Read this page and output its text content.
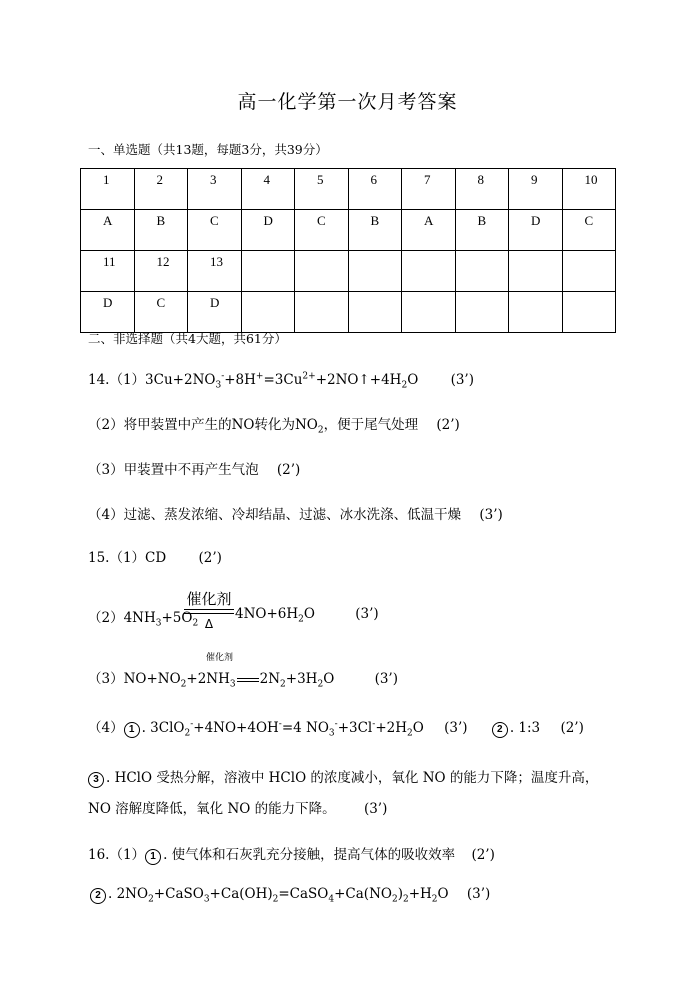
高一化学第一次月考答案
一、单选题（共13题，每题3分，共39分）
1	2	3	4	5	6	7	8	9	10
A	B	C	D	C	B	A	B	D	C
11	12	13							
D	C	D							
二、非选择题（共4大题，共61分）
$14.(1)3Cu+2NO_3^-+8H^+=3Cu^{2+}+2NO↑+4H_2O$ (3’)
（2）将甲装置中产生的NO转化为$NO_2$，便于尾气处理 (2’)
（3）甲装置中不再产生气泡 (2’)
（4）过滤、蒸发浓缩、冷却结晶、过滤、冰水洗涤、低温干燥 (3’)
15.（1）CD (2’)
$(2)4NH_3+5O_2$
催化剂
Δ
$4NO+6H_2O$	(3’)
催化剂
$(3)NO+NO_2+2NH_3$ $2N_2+3H_2O$	(3’)
（4） 1 . 3ClO$_2$-+4NO+4OH-=4 $NO_3^-+3Cl^-+2H_2O$ (3’)	2 . 1:3 (2’)
3 . HClO 受热分解，溶液中 HClO 的浓度减小，氧化 NO 的能力下降；温度升高，
NO 溶解度降低，氧化 NO 的能力下降。 (3’)
16.（1） 1 . 使气体和石灰乳充分接触，提高气体的吸收效率 (2’)
2 . $2NO_2+CaSO_3+Ca(OH)_2=CaSO_4+Ca(NO_2)_2+H_2O$ (3’)
